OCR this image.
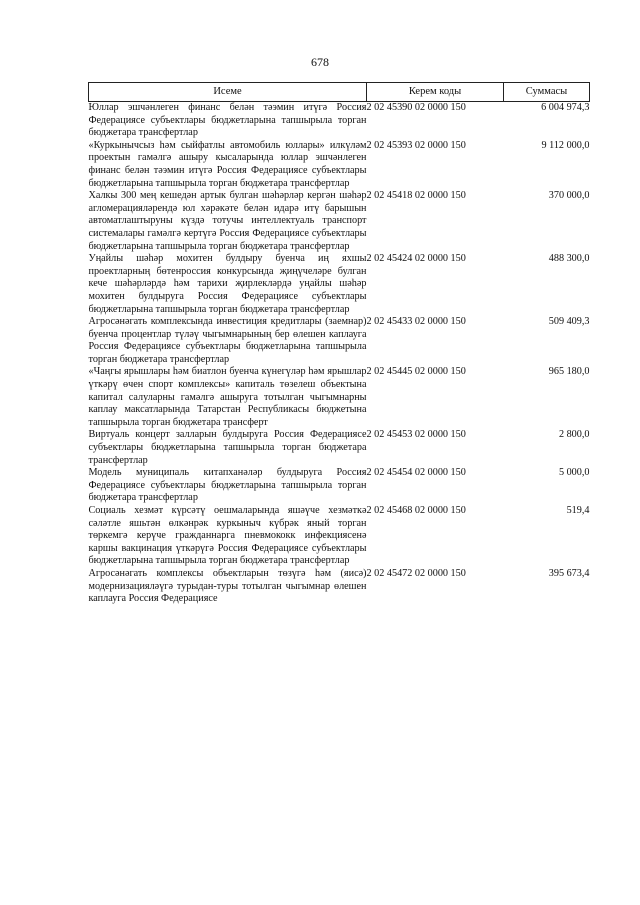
678
Исеме	Керем коды	Суммасы
Юллар эшчәнлеген финанс белән тәэмин итүгә Россия Федерациясе субъектлары бюджетларына тапшырыла торган бюджетара трансфертлар	2 02 45390 02 0000 150	6 004 974,3
«Куркынычсыз һәм сыйфатлы автомобиль юллары» илкүләм проектын гамәлгә ашыру кысаларында юллар эшчәнлеген финанс белән тәэмин итүгә Россия Федерациясе субъектлары бюджетларына тапшырыла торган бюджетара трансфертлар	2 02 45393 02 0000 150	9 112 000,0
Халкы 300 мең кешедән артык булган шәһәрләр кергән шәһәр агломерацияләрендә юл хәрәкәте белән идарә итү барышын автоматлаштыруны күздә тотучы интеллектуаль транспорт системалары гамәлгә кертүгә Россия Федерациясе субъектлары бюджетларына тапшырыла торган бюджетара трансфертлар	2 02 45418 02 0000 150	370 000,0
Уңайлы шәһәр мохитен булдыру буенча иң яхшы проектларның бөтенроссия конкурсында җиңүчеләре булган кече шәһәрләрдә һәм тарихи җирлекләрдә уңайлы шәһәр мохитен булдыруга Россия Федерациясе субъектлары бюджетларына тапшырыла торган бюджетара трансфертлар	2 02 45424 02 0000 150	488 300,0
Агросәнәгать комплексында инвестиция кредитлары (заемнар) буенча процентлар түләү чыгымнарының бер өлешен каплауга Россия Федерациясе субъектлары бюджетларына тапшырыла торган бюджетара трансфертлар	2 02 45433 02 0000 150	509 409,3
«Чаңгы ярышлары һәм биатлон буенча күнегүләр һәм ярышлар үткәрү өчен спорт комплексы» капиталь төзелеш объектына капитал салуларны гамәлгә ашыруга тотылган чыгымнарны каплау максатларында Татарстан Республикасы бюджетына тапшырыла торган бюджетара трансферт	2 02 45445 02 0000 150	965 180,0
Виртуаль концерт залларын булдыруга Россия Федерациясе субъектлары бюджетларына тапшырыла торган бюджетара трансфертлар	2 02 45453 02 0000 150	2 800,0
Модель муниципаль китапханәләр булдыруга Россия Федерациясе субъектлары бюджетларына тапшырыла торган бюджетара трансфертлар	2 02 45454 02 0000 150	5 000,0
Социаль хезмәт күрсәтү оешмаларында яшәүче хезмәткә сәләтле яшьтән өлкәнрәк куркыныч күбрәк яный торган төркемгә керүче гражданнарга пневмококк инфекциясенә каршы вакцинация үткәрүгә Россия Федерациясе субъектлары бюджетларына тапшырыла торган бюджетара трансфертлар	2 02 45468 02 0000 150	519,4
Агросәнәгать комплексы объектларын төзүгә һәм (яисә) модернизацияләүгә турыдан-туры тотылган чыгымнар өлешен каплауга Россия Федерациясе	2 02 45472 02 0000 150	395 673,4
